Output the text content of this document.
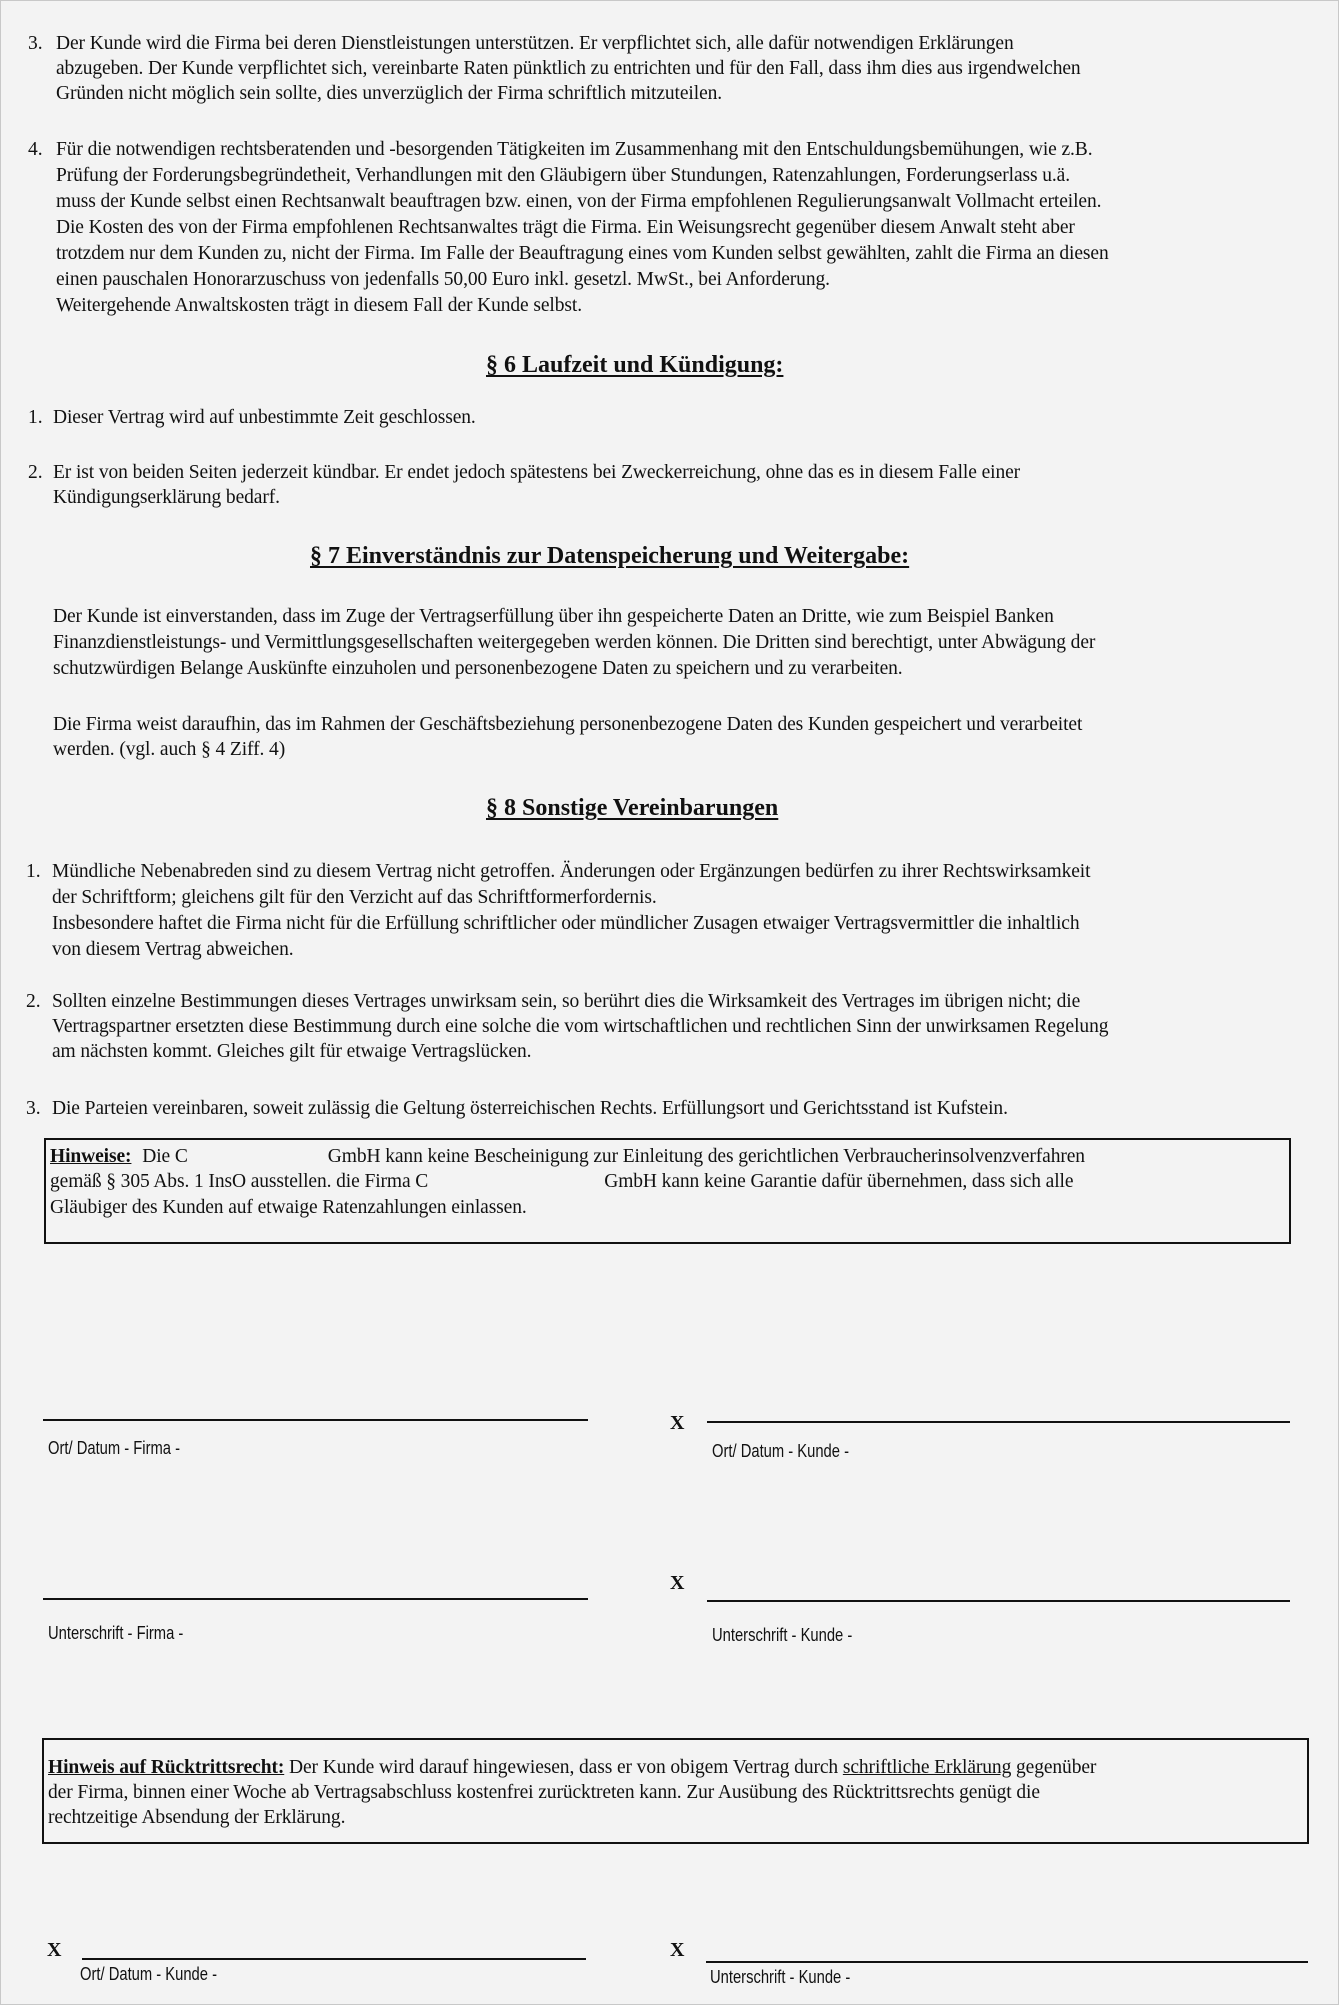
3. Der Kunde wird die Firma bei deren Dienstleistungen unterstützen. Er verpflichtet sich, alle dafür notwendigen Erklärungen
abzugeben. Der Kunde verpflichtet sich, vereinbarte Raten pünktlich zu entrichten und für den Fall, dass ihm dies aus irgendwelchen
Gründen nicht möglich sein sollte, dies unverzüglich der Firma schriftlich mitzuteilen.
4. Für die notwendigen rechtsberatenden und -besorgenden Tätigkeiten im Zusammenhang mit den Entschuldungsbemühungen, wie z.B.
Prüfung der Forderungsbegründetheit, Verhandlungen mit den Gläubigern über Stundungen, Ratenzahlungen, Forderungserlass u.ä.
muss der Kunde selbst einen Rechtsanwalt beauftragen bzw. einen, von der Firma empfohlenen Regulierungsanwalt Vollmacht erteilen.
Die Kosten des von der Firma empfohlenen Rechtsanwaltes trägt die Firma. Ein Weisungsrecht gegenüber diesem Anwalt steht aber
trotzdem nur dem Kunden zu, nicht der Firma. Im Falle der Beauftragung eines vom Kunden selbst gewählten, zahlt die Firma an diesen
einen pauschalen Honorarzuschuss von jedenfalls 50,00 Euro inkl. gesetzl. MwSt., bei Anforderung.
Weitergehende Anwaltskosten trägt in diesem Fall der Kunde selbst.
§ 6 Laufzeit und Kündigung:
1. Dieser Vertrag wird auf unbestimmte Zeit geschlossen.
2. Er ist von beiden Seiten jederzeit kündbar. Er endet jedoch spätestens bei Zweckerreichung, ohne das es in diesem Falle einer
Kündigungserklärung bedarf.
§ 7 Einverständnis zur Datenspeicherung und Weitergabe:
Der Kunde ist einverstanden, dass im Zuge der Vertragserfüllung über ihn gespeicherte Daten an Dritte, wie zum Beispiel Banken
Finanzdienstleistungs- und Vermittlungsgesellschaften weitergegeben werden können. Die Dritten sind berechtigt, unter Abwägung der
schutzwürdigen Belange Auskünfte einzuholen und personenbezogene Daten zu speichern und zu verarbeiten.
Die Firma weist daraufhin, das im Rahmen der Geschäftsbeziehung personenbezogene Daten des Kunden gespeichert und verarbeitet
werden. (vgl. auch § 4 Ziff. 4)
§ 8 Sonstige Vereinbarungen
1. Mündliche Nebenabreden sind zu diesem Vertrag nicht getroffen. Änderungen oder Ergänzungen bedürfen zu ihrer Rechtswirksamkeit
der Schriftform; gleichens gilt für den Verzicht auf das Schriftformerfordernis.
Insbesondere haftet die Firma nicht für die Erfüllung schriftlicher oder mündlicher Zusagen etwaiger Vertragsvermittler die inhaltlich
von diesem Vertrag abweichen.
2. Sollten einzelne Bestimmungen dieses Vertrages unwirksam sein, so berührt dies die Wirksamkeit des Vertrages im übrigen nicht; die
Vertragspartner ersetzten diese Bestimmung durch eine solche die vom wirtschaftlichen und rechtlichen Sinn der unwirksamen Regelung
am nächsten kommt. Gleiches gilt für etwaige Vertragslücken.
3. Die Parteien vereinbaren, soweit zulässig die Geltung österreichischen Rechts. Erfüllungsort und Gerichtsstand ist Kufstein.
Hinweise: Die C	GmbH kann keine Bescheinigung zur Einleitung des gerichtlichen Verbraucherinsolvenzverfahren
gemäß § 305 Abs. 1 InsO ausstellen. die Firma C	GmbH kann keine Garantie dafür übernehmen, dass sich alle
Gläubiger des Kunden auf etwaige Ratenzahlungen einlassen.
Ort/ Datum - Firma -
X
Ort/ Datum - Kunde -
Unterschrift - Firma -
X
Unterschrift - Kunde -
Hinweis auf Rücktrittsrecht: Der Kunde wird darauf hingewiesen, dass er von obigem Vertrag durch schriftliche Erklärung gegenüber
der Firma, binnen einer Woche ab Vertragsabschluss kostenfrei zurücktreten kann. Zur Ausübung des Rücktrittsrechts genügt die
rechtzeitige Absendung der Erklärung.
X
Ort/ Datum - Kunde -
X
Unterschrift - Kunde -
